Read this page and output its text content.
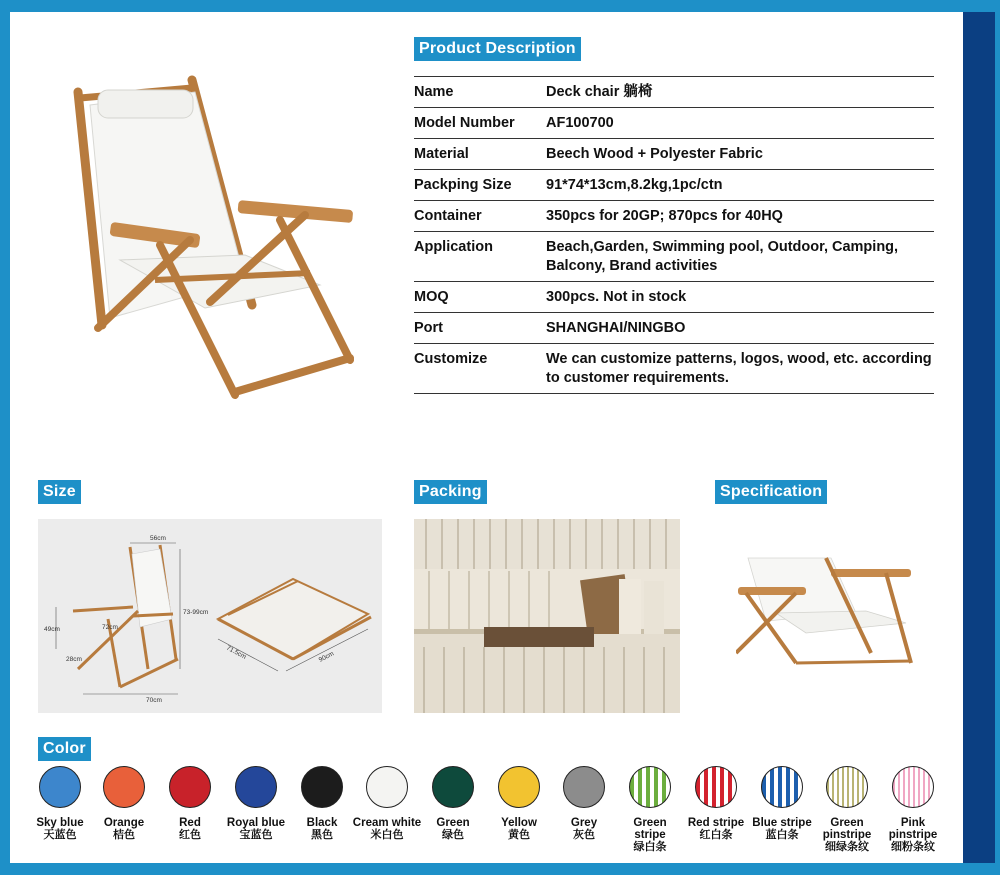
Product Description
Name	Deck chair 躺椅
Model Number	AF100700
Material	Beech Wood + Polyester Fabric
Packping Size	91*74*13cm,8.2kg,1pc/ctn
Container	350pcs for 20GP; 870pcs for 40HQ
Application	Beach,Garden, Swimming pool, Outdoor, Camping, Balcony, Brand activities
MOQ	300pcs. Not in stock
Port	SHANGHAI/NINGBO
Customize	We can customize patterns, logos, wood, etc. according to customer requirements.
Size	Packing	Specification
56cm
73-99cm
49cm	72cm
28cm
70cm
71.5cm	90cm
Color
Sky blue
天蓝色
Orange
桔色
Red
红色
Royal blue
宝蓝色
Black
黑色
Cream white
米白色
Green
绿色
Yellow
黄色
Grey
灰色
Green stripe
绿白条
Red stripe
红白条
Blue stripe
蓝白条
Green pinstripe
细绿条纹
Pink pinstripe
细粉条纹
